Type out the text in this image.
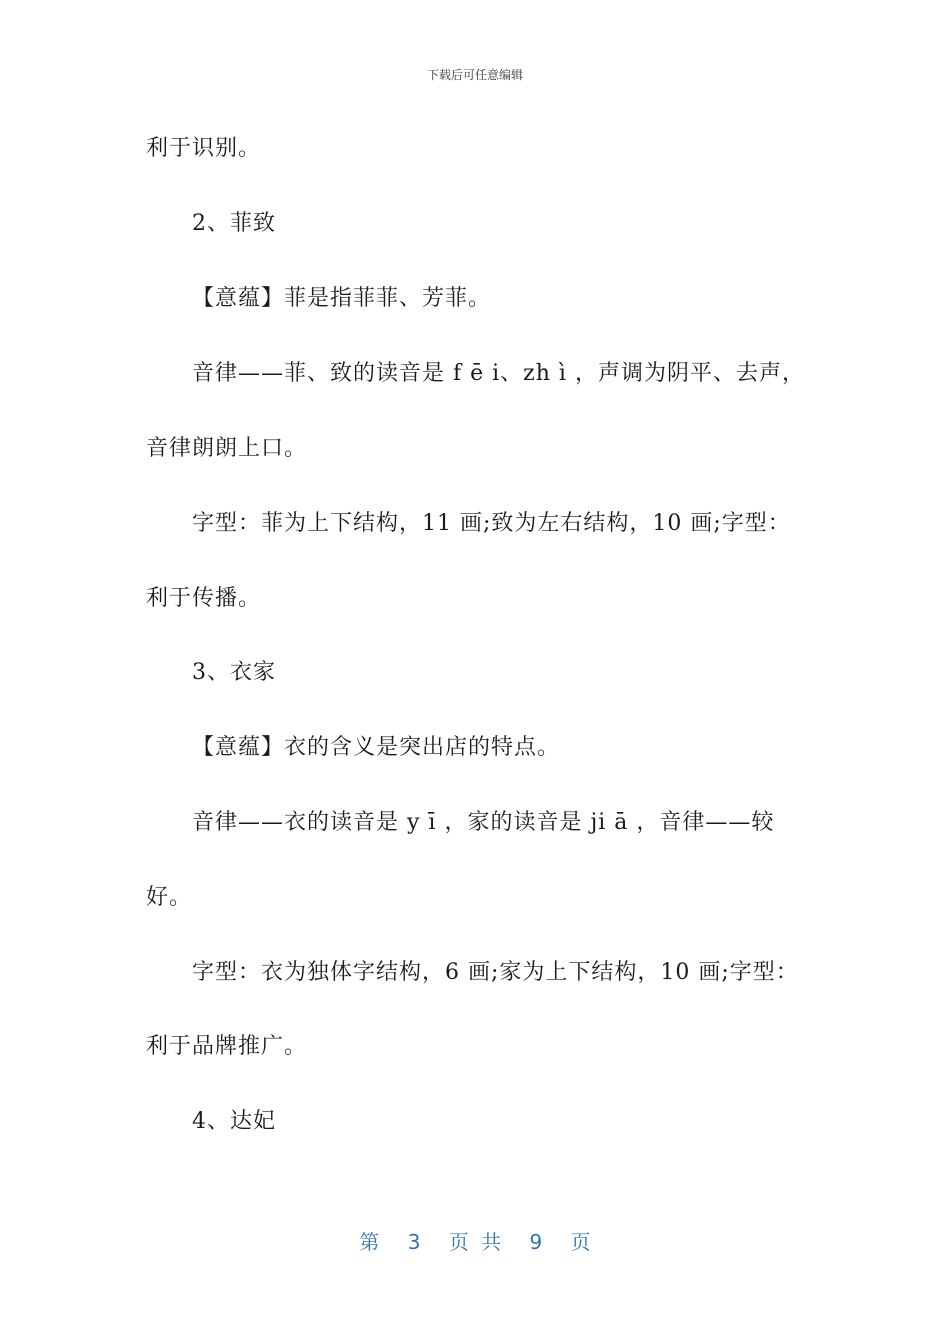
下载后可任意编辑
利于识别。
2、菲致
【意蕴】菲是指菲菲、芳菲。
音律——菲、致的读音是 f ē i、zh ì ，声调为阴平、去声，
音律朗朗上口。
字型：菲为上下结构，11 画;致为左右结构，10 画;字型：
利于传播。
3、衣家
【意蕴】衣的含义是突出店的特点。
音律——衣的读音是 y ī ，家的读音是 ji ā ，音律——较
好。
字型：衣为独体字结构，6 画;家为上下结构，10 画;字型：
利于品牌推广。
4、达妃
第 3 页 共 9 页
